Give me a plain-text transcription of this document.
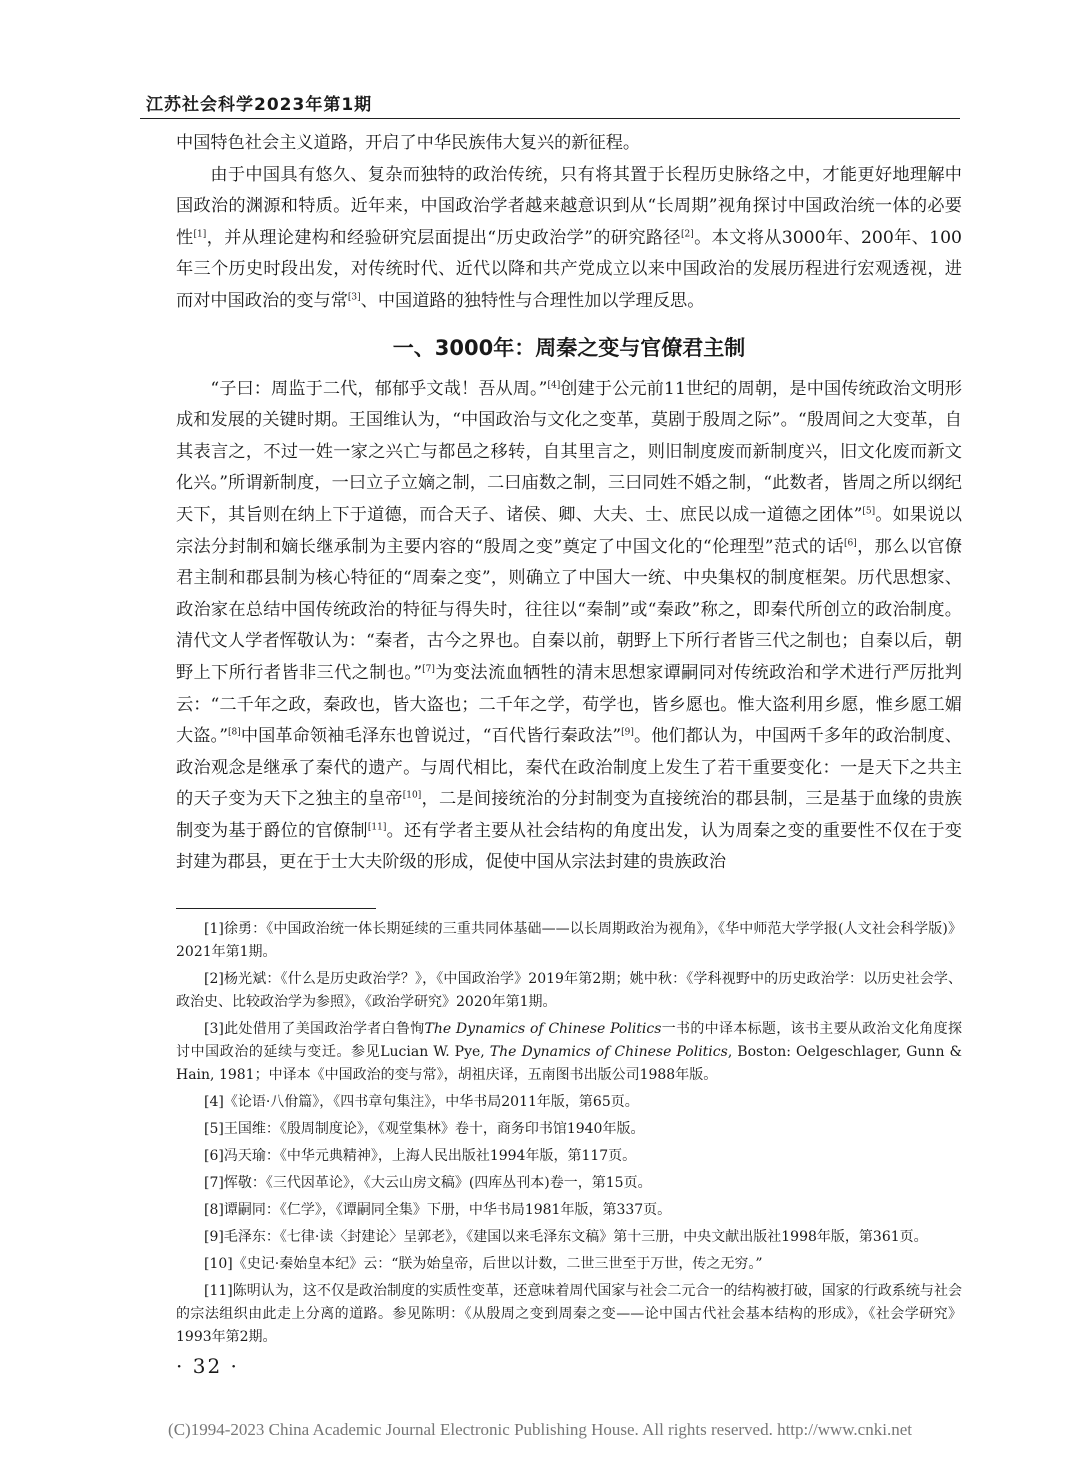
江苏社会科学2023年第1期

中国特色社会主义道路，开启了中华民族伟大复兴的新征程。

由于中国具有悠久、复杂而独特的政治传统，只有将其置于长程历史脉络之中，才能更好地理解中国政治的渊源和特质。近年来，中国政治学者越来越意识到从“长周期”视角探讨中国政治统一体的必要性[1]，并从理论建构和经验研究层面提出“历史政治学”的研究路径[2]。本文将从3000年、200年、100年三个历史时段出发，对传统时代、近代以降和共产党成立以来中国政治的发展历程进行宏观透视，进而对中国政治的变与常[3]、中国道路的独特性与合理性加以学理反思。

一、3000年：周秦之变与官僚君主制

“子曰：周监于二代，郁郁乎文哉！吾从周。”[4]创建于公元前11世纪的周朝，是中国传统政治文明形成和发展的关键时期。王国维认为，“中国政治与文化之变革，莫剧于殷周之际”。“殷周间之大变革，自其表言之，不过一姓一家之兴亡与都邑之移转，自其里言之，则旧制度废而新制度兴，旧文化废而新文化兴。”所谓新制度，一曰立子立嫡之制，二曰庙数之制，三曰同姓不婚之制，“此数者，皆周之所以纲纪天下，其旨则在纳上下于道德，而合天子、诸侯、卿、大夫、士、庶民以成一道德之团体”[5]。如果说以宗法分封制和嫡长继承制为主要内容的“殷周之变”奠定了中国文化的“伦理型”范式的话[6]，那么以官僚君主制和郡县制为核心特征的“周秦之变”，则确立了中国大一统、中央集权的制度框架。历代思想家、政治家在总结中国传统政治的特征与得失时，往往以“秦制”或“秦政”称之，即秦代所创立的政治制度。清代文人学者恽敬认为：“秦者，古今之界也。自秦以前，朝野上下所行者皆三代之制也；自秦以后，朝野上下所行者皆非三代之制也。”[7]为变法流血牺牲的清末思想家谭嗣同对传统政治和学术进行严厉批判云：“二千年之政，秦政也，皆大盗也；二千年之学，荀学也，皆乡愿也。惟大盗利用乡愿，惟乡愿工媚大盗。”[8]中国革命领袖毛泽东也曾说过，“百代皆行秦政法”[9]。他们都认为，中国两千多年的政治制度、政治观念是继承了秦代的遗产。与周代相比，秦代在政治制度上发生了若干重要变化：一是天下之共主的天子变为天下之独主的皇帝[10]，二是间接统治的分封制变为直接统治的郡县制，三是基于血缘的贵族制变为基于爵位的官僚制[11]。还有学者主要从社会结构的角度出发，认为周秦之变的重要性不仅在于变封建为郡县，更在于士大夫阶级的形成，促使中国从宗法封建的贵族政治

[1]徐勇：《中国政治统一体长期延续的三重共同体基础——以长周期政治为视角》，《华中师范大学学报(人文社会科学版)》2021年第1期。

[2]杨光斌：《什么是历史政治学？》，《中国政治学》2019年第2期；姚中秋：《学科视野中的历史政治学：以历史社会学、政治史、比较政治学为参照》，《政治学研究》2020年第1期。

[3]此处借用了美国政治学者白鲁恂The Dynamics of Chinese Politics一书的中译本标题，该书主要从政治文化角度探讨中国政治的延续与变迁。参见Lucian W. Pye, The Dynamics of Chinese Politics, Boston: Oelgeschlager, Gunn & Hain, 1981；中译本《中国政治的变与常》，胡祖庆译，五南图书出版公司1988年版。

[4]《论语·八佾篇》，《四书章句集注》，中华书局2011年版，第65页。

[5]王国维：《殷周制度论》，《观堂集林》卷十，商务印书馆1940年版。

[6]冯天瑜：《中华元典精神》，上海人民出版社1994年版，第117页。

[7]恽敬：《三代因革论》，《大云山房文稿》(四库丛刊本)卷一，第15页。

[8]谭嗣同：《仁学》，《谭嗣同全集》下册，中华书局1981年版，第337页。

[9]毛泽东：《七律·读〈封建论〉呈郭老》，《建国以来毛泽东文稿》第十三册，中央文献出版社1998年版，第361页。

[10]《史记·秦始皇本纪》云：“朕为始皇帝，后世以计数，二世三世至于万世，传之无穷。”

[11]陈明认为，这不仅是政治制度的实质性变革，还意味着周代国家与社会二元合一的结构被打破，国家的行政系统与社会的宗法组织由此走上分离的道路。参见陈明：《从殷周之变到周秦之变——论中国古代社会基本结构的形成》，《社会学研究》1993年第2期。

· 32 ·
(C)1994-2023 China Academic Journal Electronic Publishing House. All rights reserved. http://www.cnki.net
